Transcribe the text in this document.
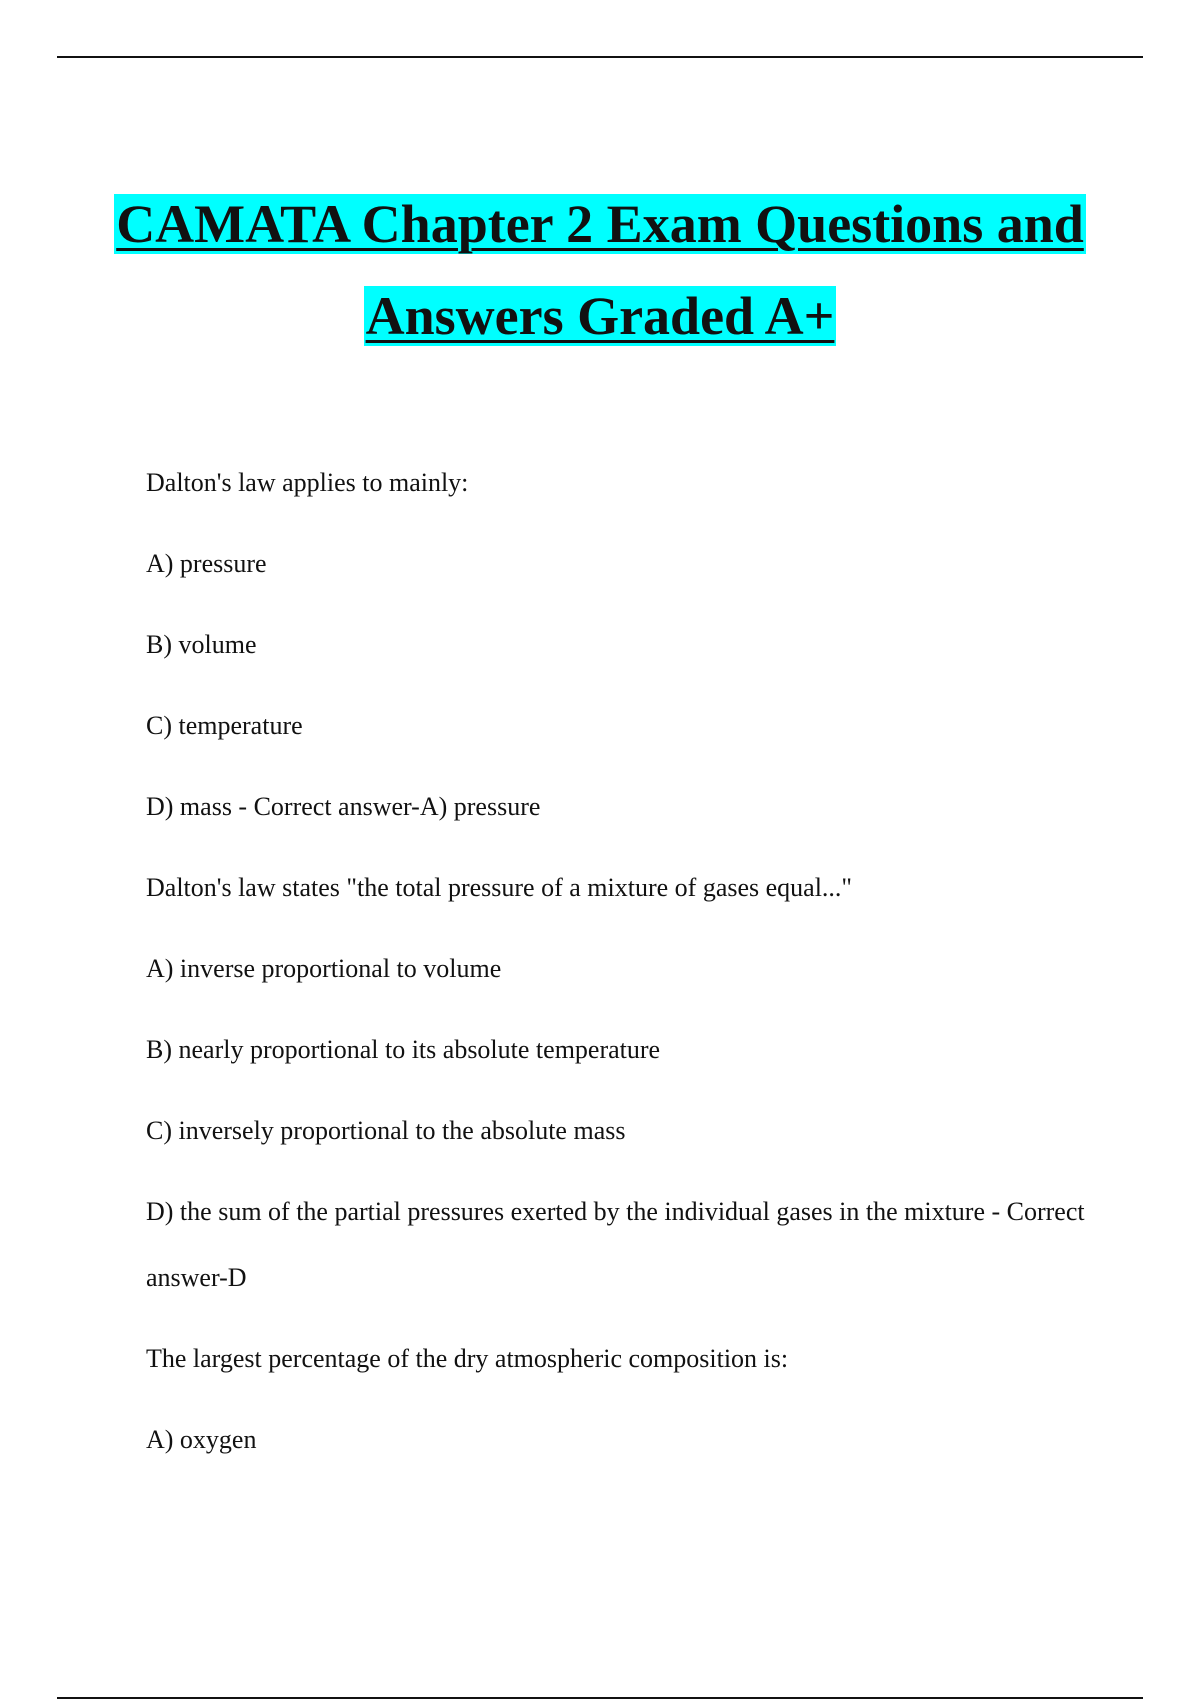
CAMATA Chapter 2 Exam Questions and
Answers Graded A+

Dalton's law applies to mainly:

A) pressure

B) volume

C) temperature

D) mass - Correct answer-A) pressure

Dalton's law states "the total pressure of a mixture of gases equal..."

A) inverse proportional to volume

B) nearly proportional to its absolute temperature

C) inversely proportional to the absolute mass

D) the sum of the partial pressures exerted by the individual gases in the mixture - Correct answer-D

The largest percentage of the dry atmospheric composition is:

A) oxygen
